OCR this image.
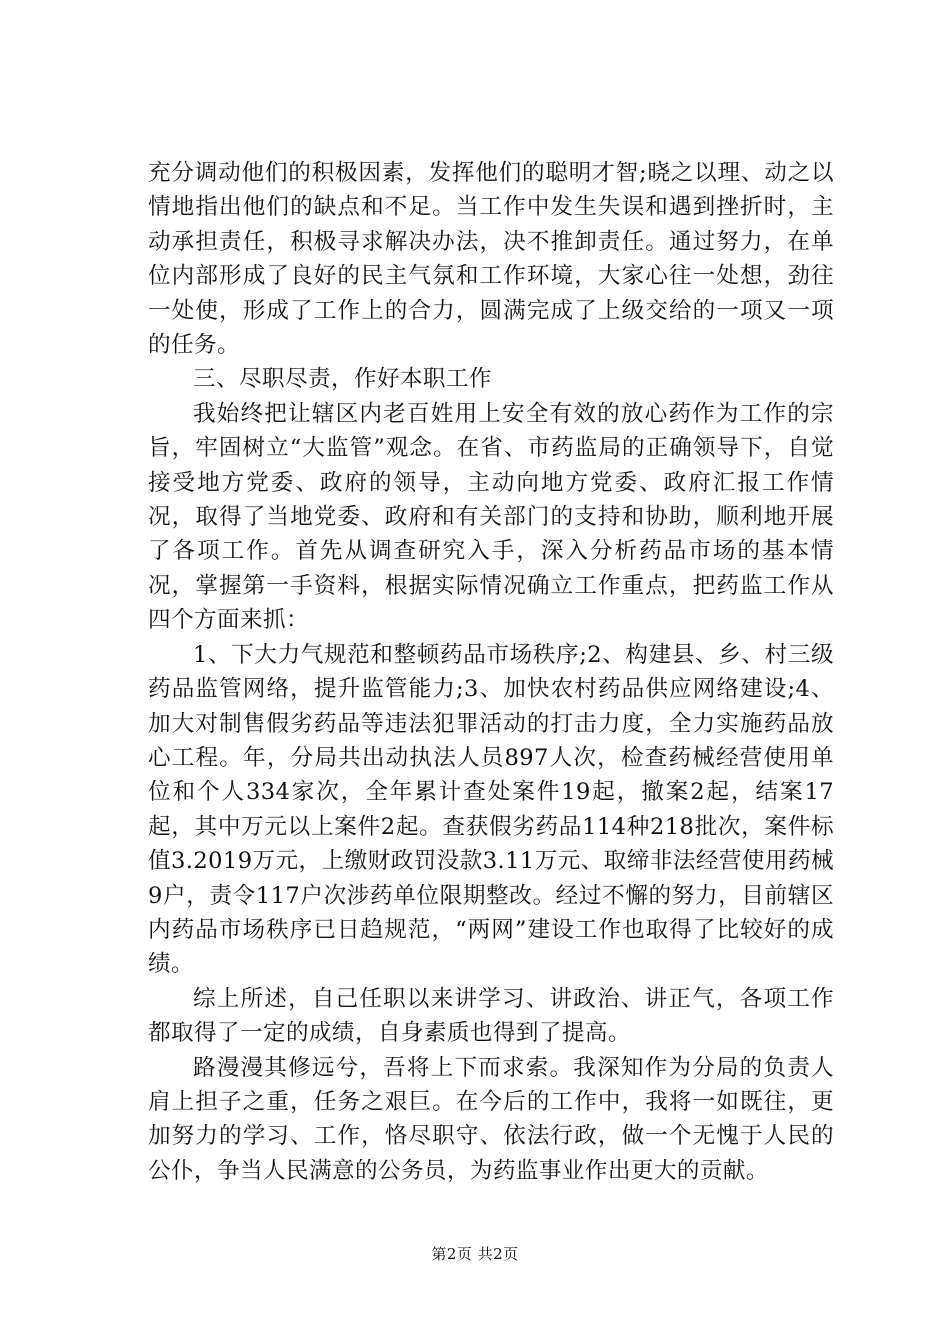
充分调动他们的积极因素，发挥他们的聪明才智;晓之以理、动之以情地指出他们的缺点和不足。当工作中发生失误和遇到挫折时，主动承担责任，积极寻求解决办法，决不推卸责任。通过努力，在单位内部形成了良好的民主气氛和工作环境，大家心往一处想，劲往一处使，形成了工作上的合力，圆满完成了上级交给的一项又一项的任务。

三、尽职尽责，作好本职工作

我始终把让辖区内老百姓用上安全有效的放心药作为工作的宗旨，牢固树立“大监管”观念。在省、市药监局的正确领导下，自觉接受地方党委、政府的领导，主动向地方党委、政府汇报工作情况，取得了当地党委、政府和有关部门的支持和协助，顺利地开展了各项工作。首先从调查研究入手，深入分析药品市场的基本情况，掌握第一手资料，根据实际情况确立工作重点，把药监工作从四个方面来抓：

1、下大力气规范和整顿药品市场秩序;2、构建县、乡、村三级药品监管网络，提升监管能力;3、加快农村药品供应网络建设;4、加大对制售假劣药品等违法犯罪活动的打击力度，全力实施药品放心工程。年，分局共出动执法人员897人次，检查药械经营使用单位和个人334家次，全年累计查处案件19起，撤案2起，结案17起，其中万元以上案件2起。查获假劣药品114种218批次，案件标值3.2019万元，上缴财政罚没款3.11万元、取缔非法经营使用药械9户，责令117户次涉药单位限期整改。经过不懈的努力，目前辖区内药品市场秩序已日趋规范，“两网”建设工作也取得了比较好的成绩。

综上所述，自己任职以来讲学习、讲政治、讲正气，各项工作都取得了一定的成绩，自身素质也得到了提高。

路漫漫其修远兮，吾将上下而求索。我深知作为分局的负责人肩上担子之重，任务之艰巨。在今后的工作中，我将一如既往，更加努力的学习、工作，恪尽职守、依法行政，做一个无愧于人民的公仆，争当人民满意的公务员，为药监事业作出更大的贡献。

第2页 共2页
